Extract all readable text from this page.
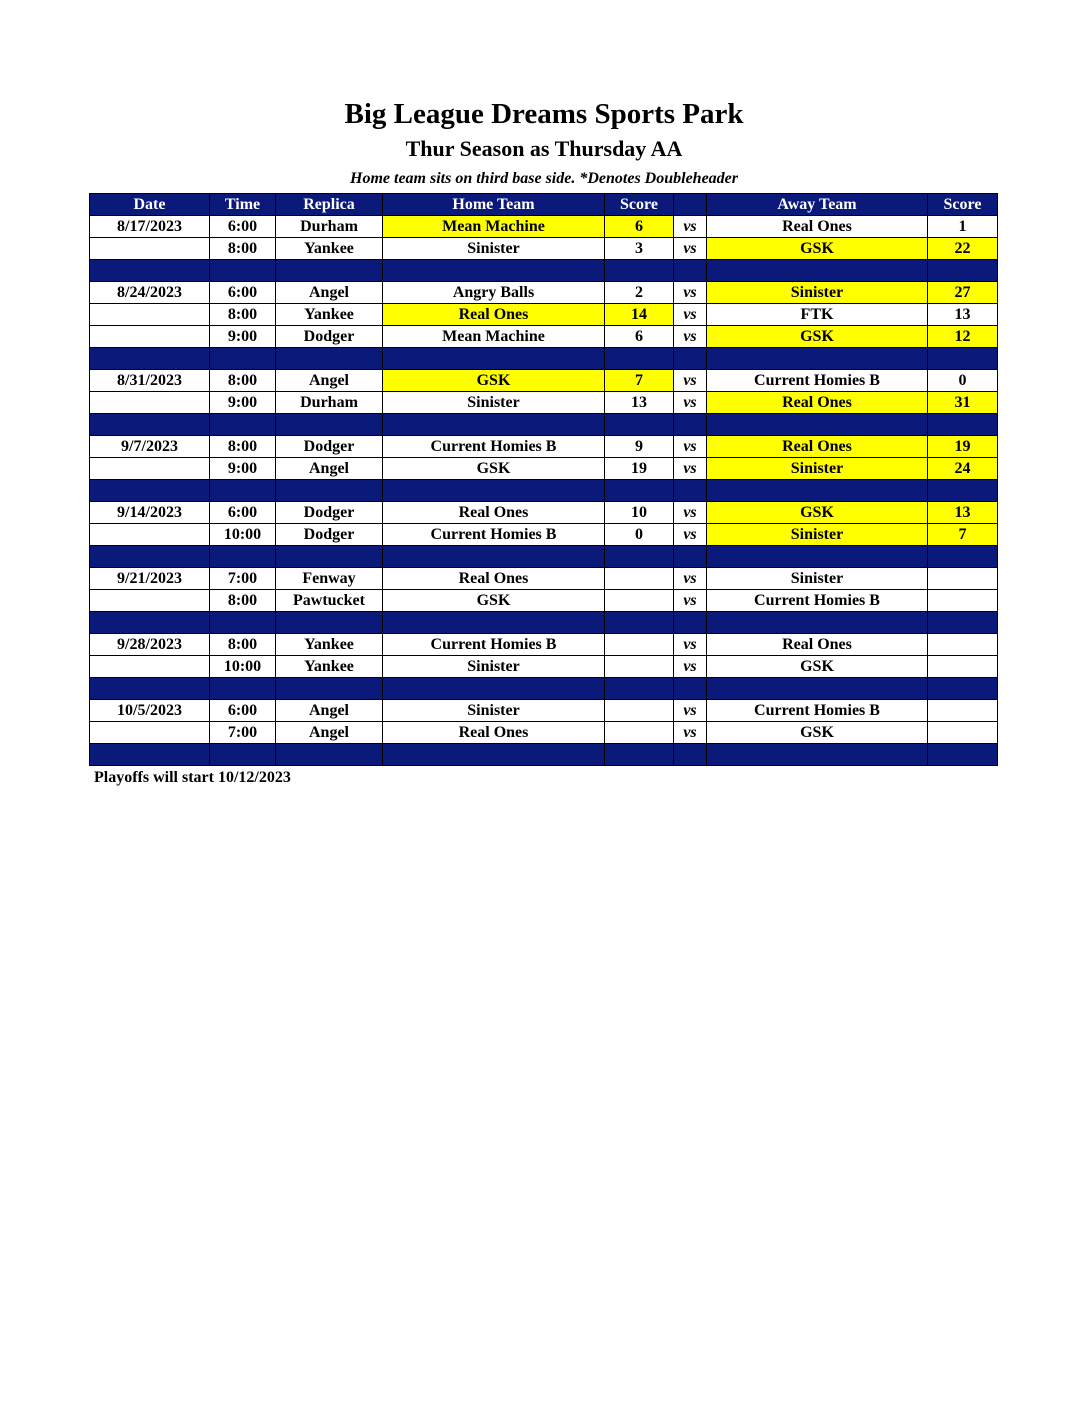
Big League Dreams Sports Park
Thur Season as Thursday AA
Home team sits on third base side. *Denotes Doubleheader
Date	Time	Replica	Home Team	Score		Away Team	Score
8/17/2023	6:00	Durham	Mean Machine	6	vs	Real Ones	1
	8:00	Yankee	Sinister	3	vs	GSK	22

8/24/2023	6:00	Angel	Angry Balls	2	vs	Sinister	27
	8:00	Yankee	Real Ones	14	vs	FTK	13
	9:00	Dodger	Mean Machine	6	vs	GSK	12

8/31/2023	8:00	Angel	GSK	7	vs	Current Homies B	0
	9:00	Durham	Sinister	13	vs	Real Ones	31

9/7/2023	8:00	Dodger	Current Homies B	9	vs	Real Ones	19
	9:00	Angel	GSK	19	vs	Sinister	24

9/14/2023	6:00	Dodger	Real Ones	10	vs	GSK	13
	10:00	Dodger	Current Homies B	0	vs	Sinister	7

9/21/2023	7:00	Fenway	Real Ones		vs	Sinister	
	8:00	Pawtucket	GSK		vs	Current Homies B	

9/28/2023	8:00	Yankee	Current Homies B		vs	Real Ones	
	10:00	Yankee	Sinister		vs	GSK	

10/5/2023	6:00	Angel	Sinister		vs	Current Homies B	
	7:00	Angel	Real Ones		vs	GSK	

Playoffs will start 10/12/2023
